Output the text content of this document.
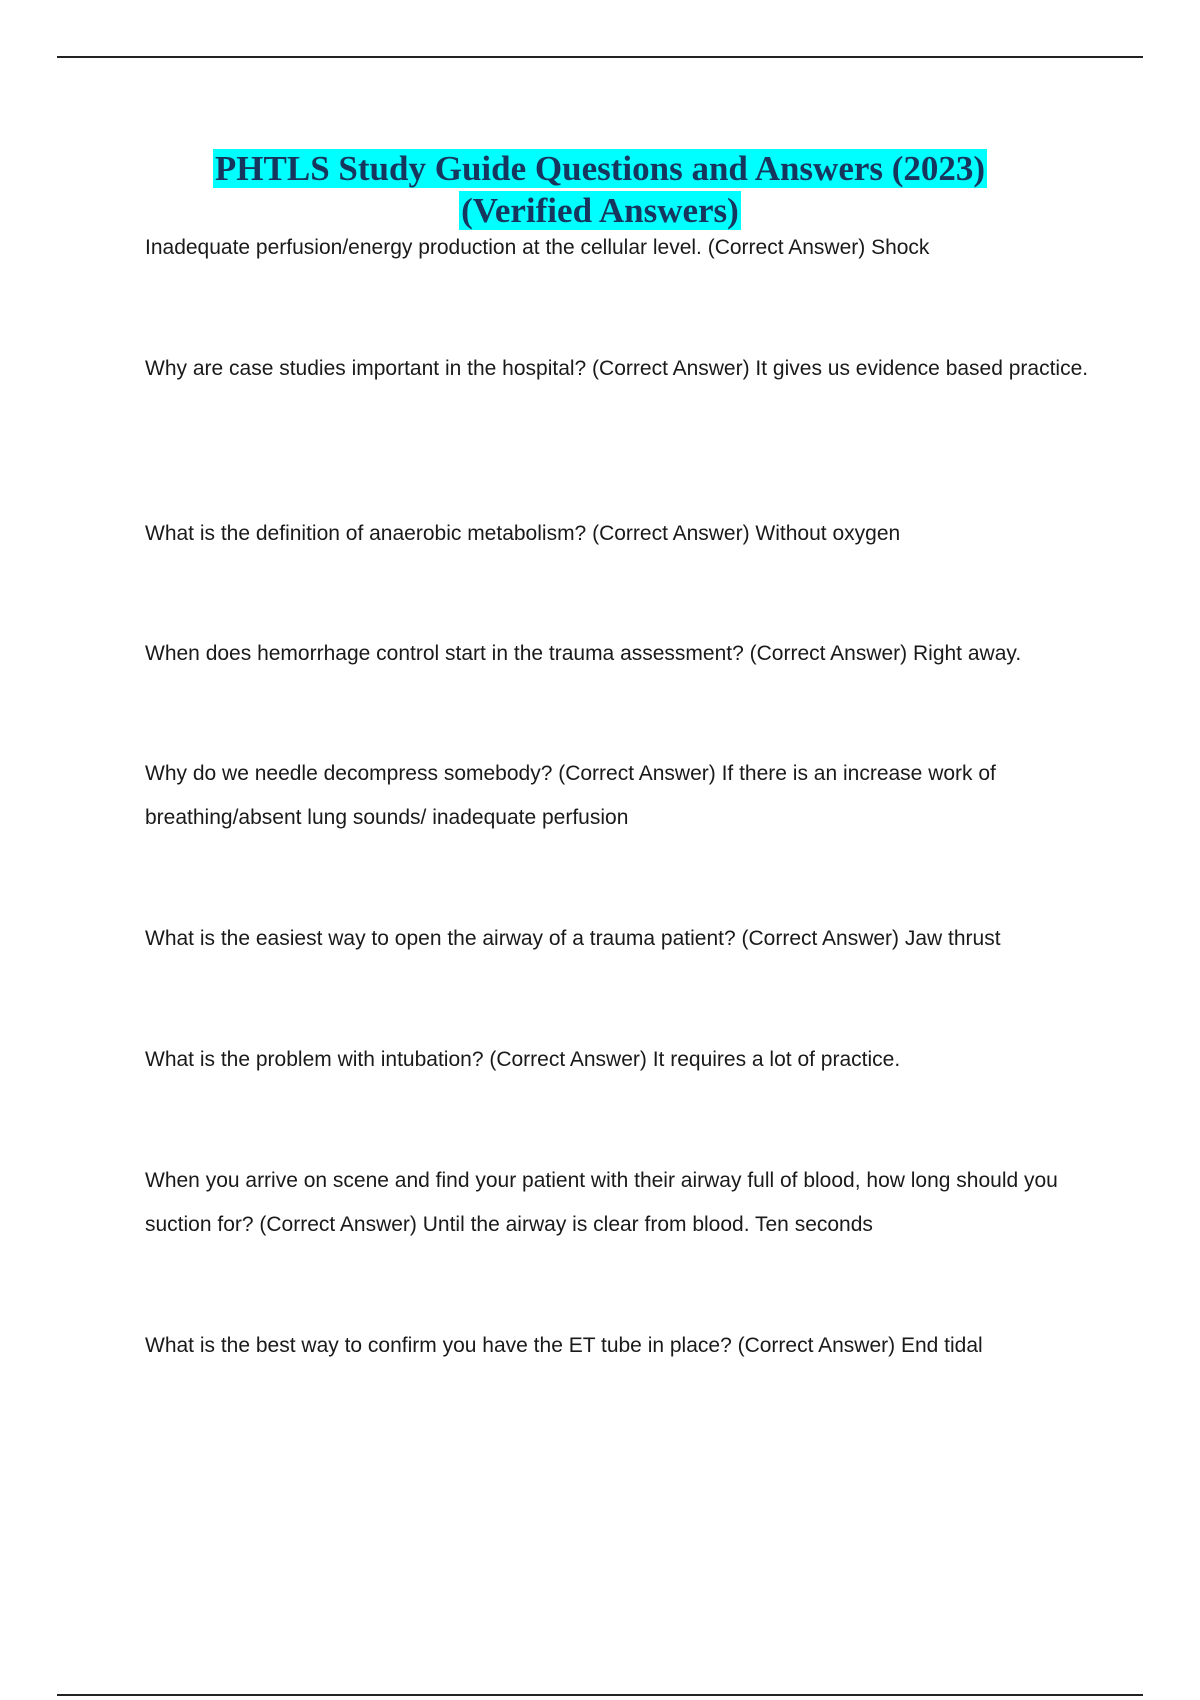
PHTLS Study Guide Questions and Answers (2023)
(Verified Answers)
Inadequate perfusion/energy production at the cellular level. (Correct Answer) Shock
Why are case studies important in the hospital? (Correct Answer) It gives us evidence based practice.
What is the definition of anaerobic metabolism? (Correct Answer) Without oxygen
When does hemorrhage control start in the trauma assessment? (Correct Answer) Right away.
Why do we needle decompress somebody? (Correct Answer) If there is an increase work of breathing/absent lung sounds/ inadequate perfusion
What is the easiest way to open the airway of a trauma patient? (Correct Answer) Jaw thrust
What is the problem with intubation? (Correct Answer) It requires a lot of practice.
When you arrive on scene and find your patient with their airway full of blood, how long should you suction for? (Correct Answer) Until the airway is clear from blood. Ten seconds
What is the best way to confirm you have the ET tube in place? (Correct Answer) End tidal
